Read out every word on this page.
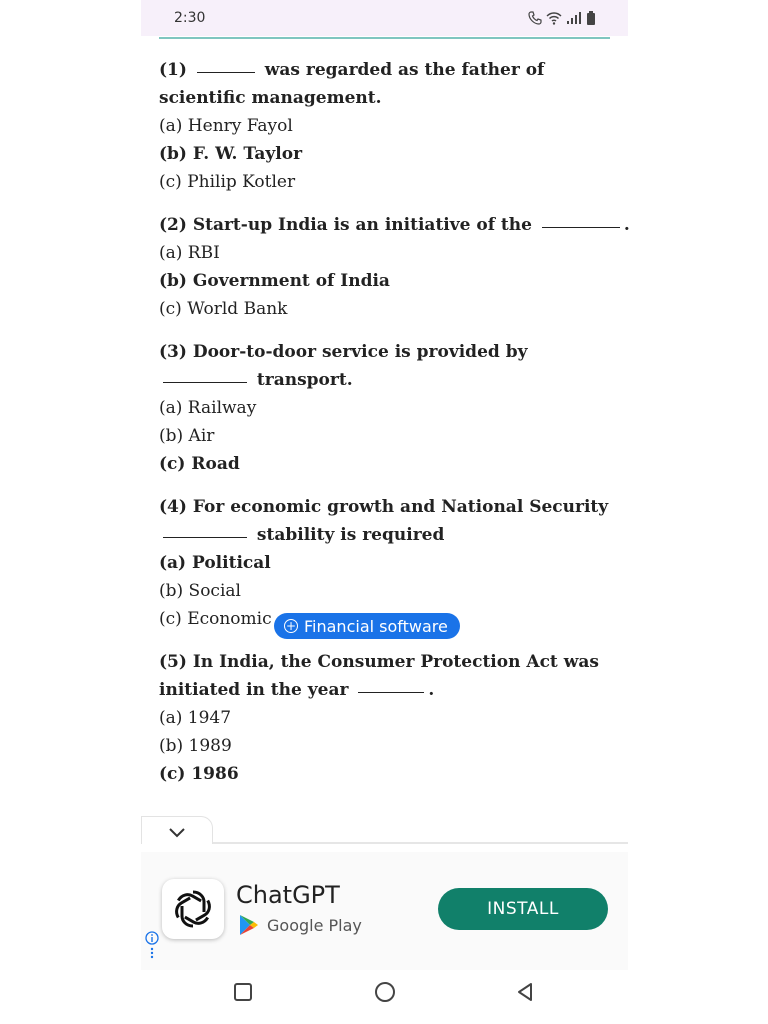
2:30
(1)	was regarded as the father of
scientific management.
(a) Henry Fayol
(b) F. W. Taylor
(c) Philip Kotler
(2) Start-up India is an initiative of the	.
(a) RBI
(b) Government of India
(c) World Bank
(3) Door-to-door service is provided by
transport.
(a) Railway
(b) Air
(c) Road
(4) For economic growth and National Security
stability is required
(a) Political
(b) Social
(c) Economic
(5) In India, the Consumer Protection Act was
initiated in the year	.
(a) 1947
(b) 1989
(c) 1986
+ Financial software
ChatGPT
Google Play
INSTALL
